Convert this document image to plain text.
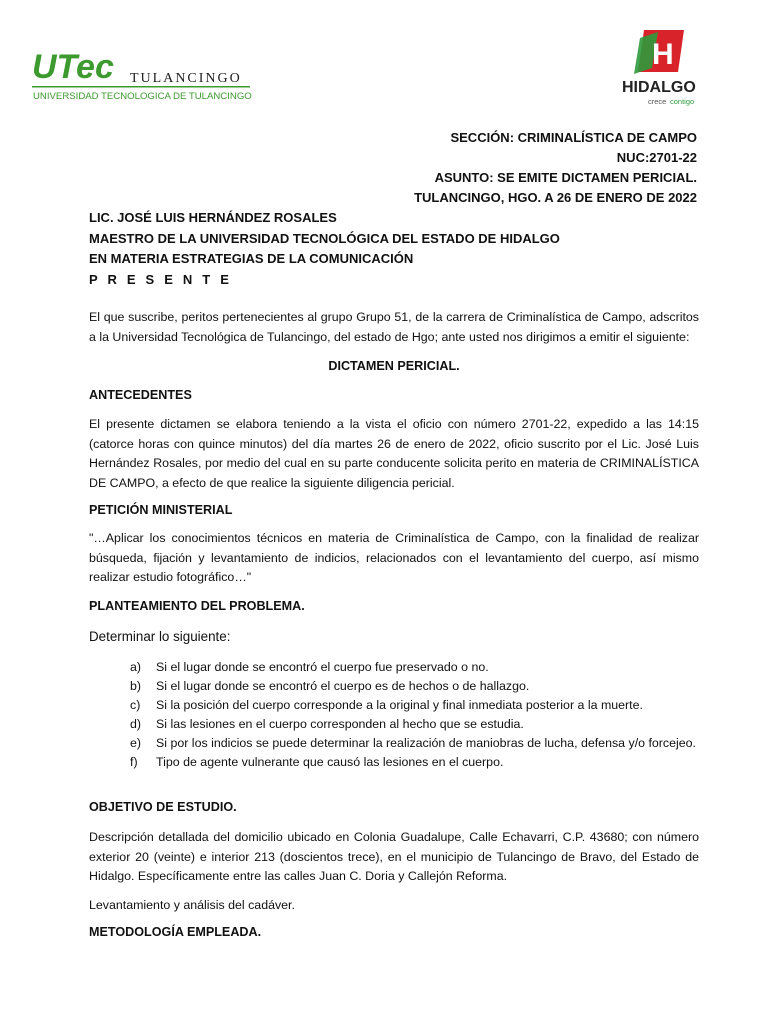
UTec TULANCINGO
UNIVERSIDAD TECNOLOGICA DE TULANCINGO
H
HIDALGO
crece contigo
SECCIÓN: CRIMINALÍSTICA DE CAMPO
NUC:2701-22
ASUNTO: SE EMITE DICTAMEN PERICIAL.
TULANCINGO, HGO. A 26 DE ENERO DE 2022
LIC. JOSÉ LUIS HERNÁNDEZ ROSALES
MAESTRO DE LA UNIVERSIDAD TECNOLÓGICA DEL ESTADO DE HIDALGO
EN MATERIA ESTRATEGIAS DE LA COMUNICACIÓN
P R E S E N T E
El que suscribe, peritos pertenecientes al grupo Grupo 51, de la carrera de Criminalística de Campo, adscritos a la Universidad Tecnológica de Tulancingo, del estado de Hgo; ante usted nos dirigimos a emitir el siguiente:
DICTAMEN PERICIAL.
ANTECEDENTES
El presente dictamen se elabora teniendo a la vista el oficio con número 2701-22, expedido a las 14:15 (catorce horas con quince minutos) del día martes 26 de enero de 2022, oficio suscrito por el Lic. José Luis Hernández Rosales, por medio del cual en su parte conducente solicita perito en materia de CRIMINALÍSTICA DE CAMPO, a efecto de que realice la siguiente diligencia pericial.
PETICIÓN MINISTERIAL
"…Aplicar los conocimientos técnicos en materia de Criminalística de Campo, con la finalidad de realizar búsqueda, fijación y levantamiento de indicios, relacionados con el levantamiento del cuerpo, así mismo realizar estudio fotográfico…"
PLANTEAMIENTO DEL PROBLEMA.
Determinar lo siguiente:
a) Si el lugar donde se encontró el cuerpo fue preservado o no.
b) Si el lugar donde se encontró el cuerpo es de hechos o de hallazgo.
c) Si la posición del cuerpo corresponde a la original y final inmediata posterior a la muerte.
d) Si las lesiones en el cuerpo corresponden al hecho que se estudia.
e) Si por los indicios se puede determinar la realización de maniobras de lucha, defensa y/o forcejeo.
f) Tipo de agente vulnerante que causó las lesiones en el cuerpo.
OBJETIVO DE ESTUDIO.
Descripción detallada del domicilio ubicado en Colonia Guadalupe, Calle Echavarri, C.P. 43680; con número exterior 20 (veinte) e interior 213 (doscientos trece), en el municipio de Tulancingo de Bravo, del Estado de Hidalgo. Específicamente entre las calles Juan C. Doria y Callejón Reforma.
Levantamiento y análisis del cadáver.
METODOLOGÍA EMPLEADA.
